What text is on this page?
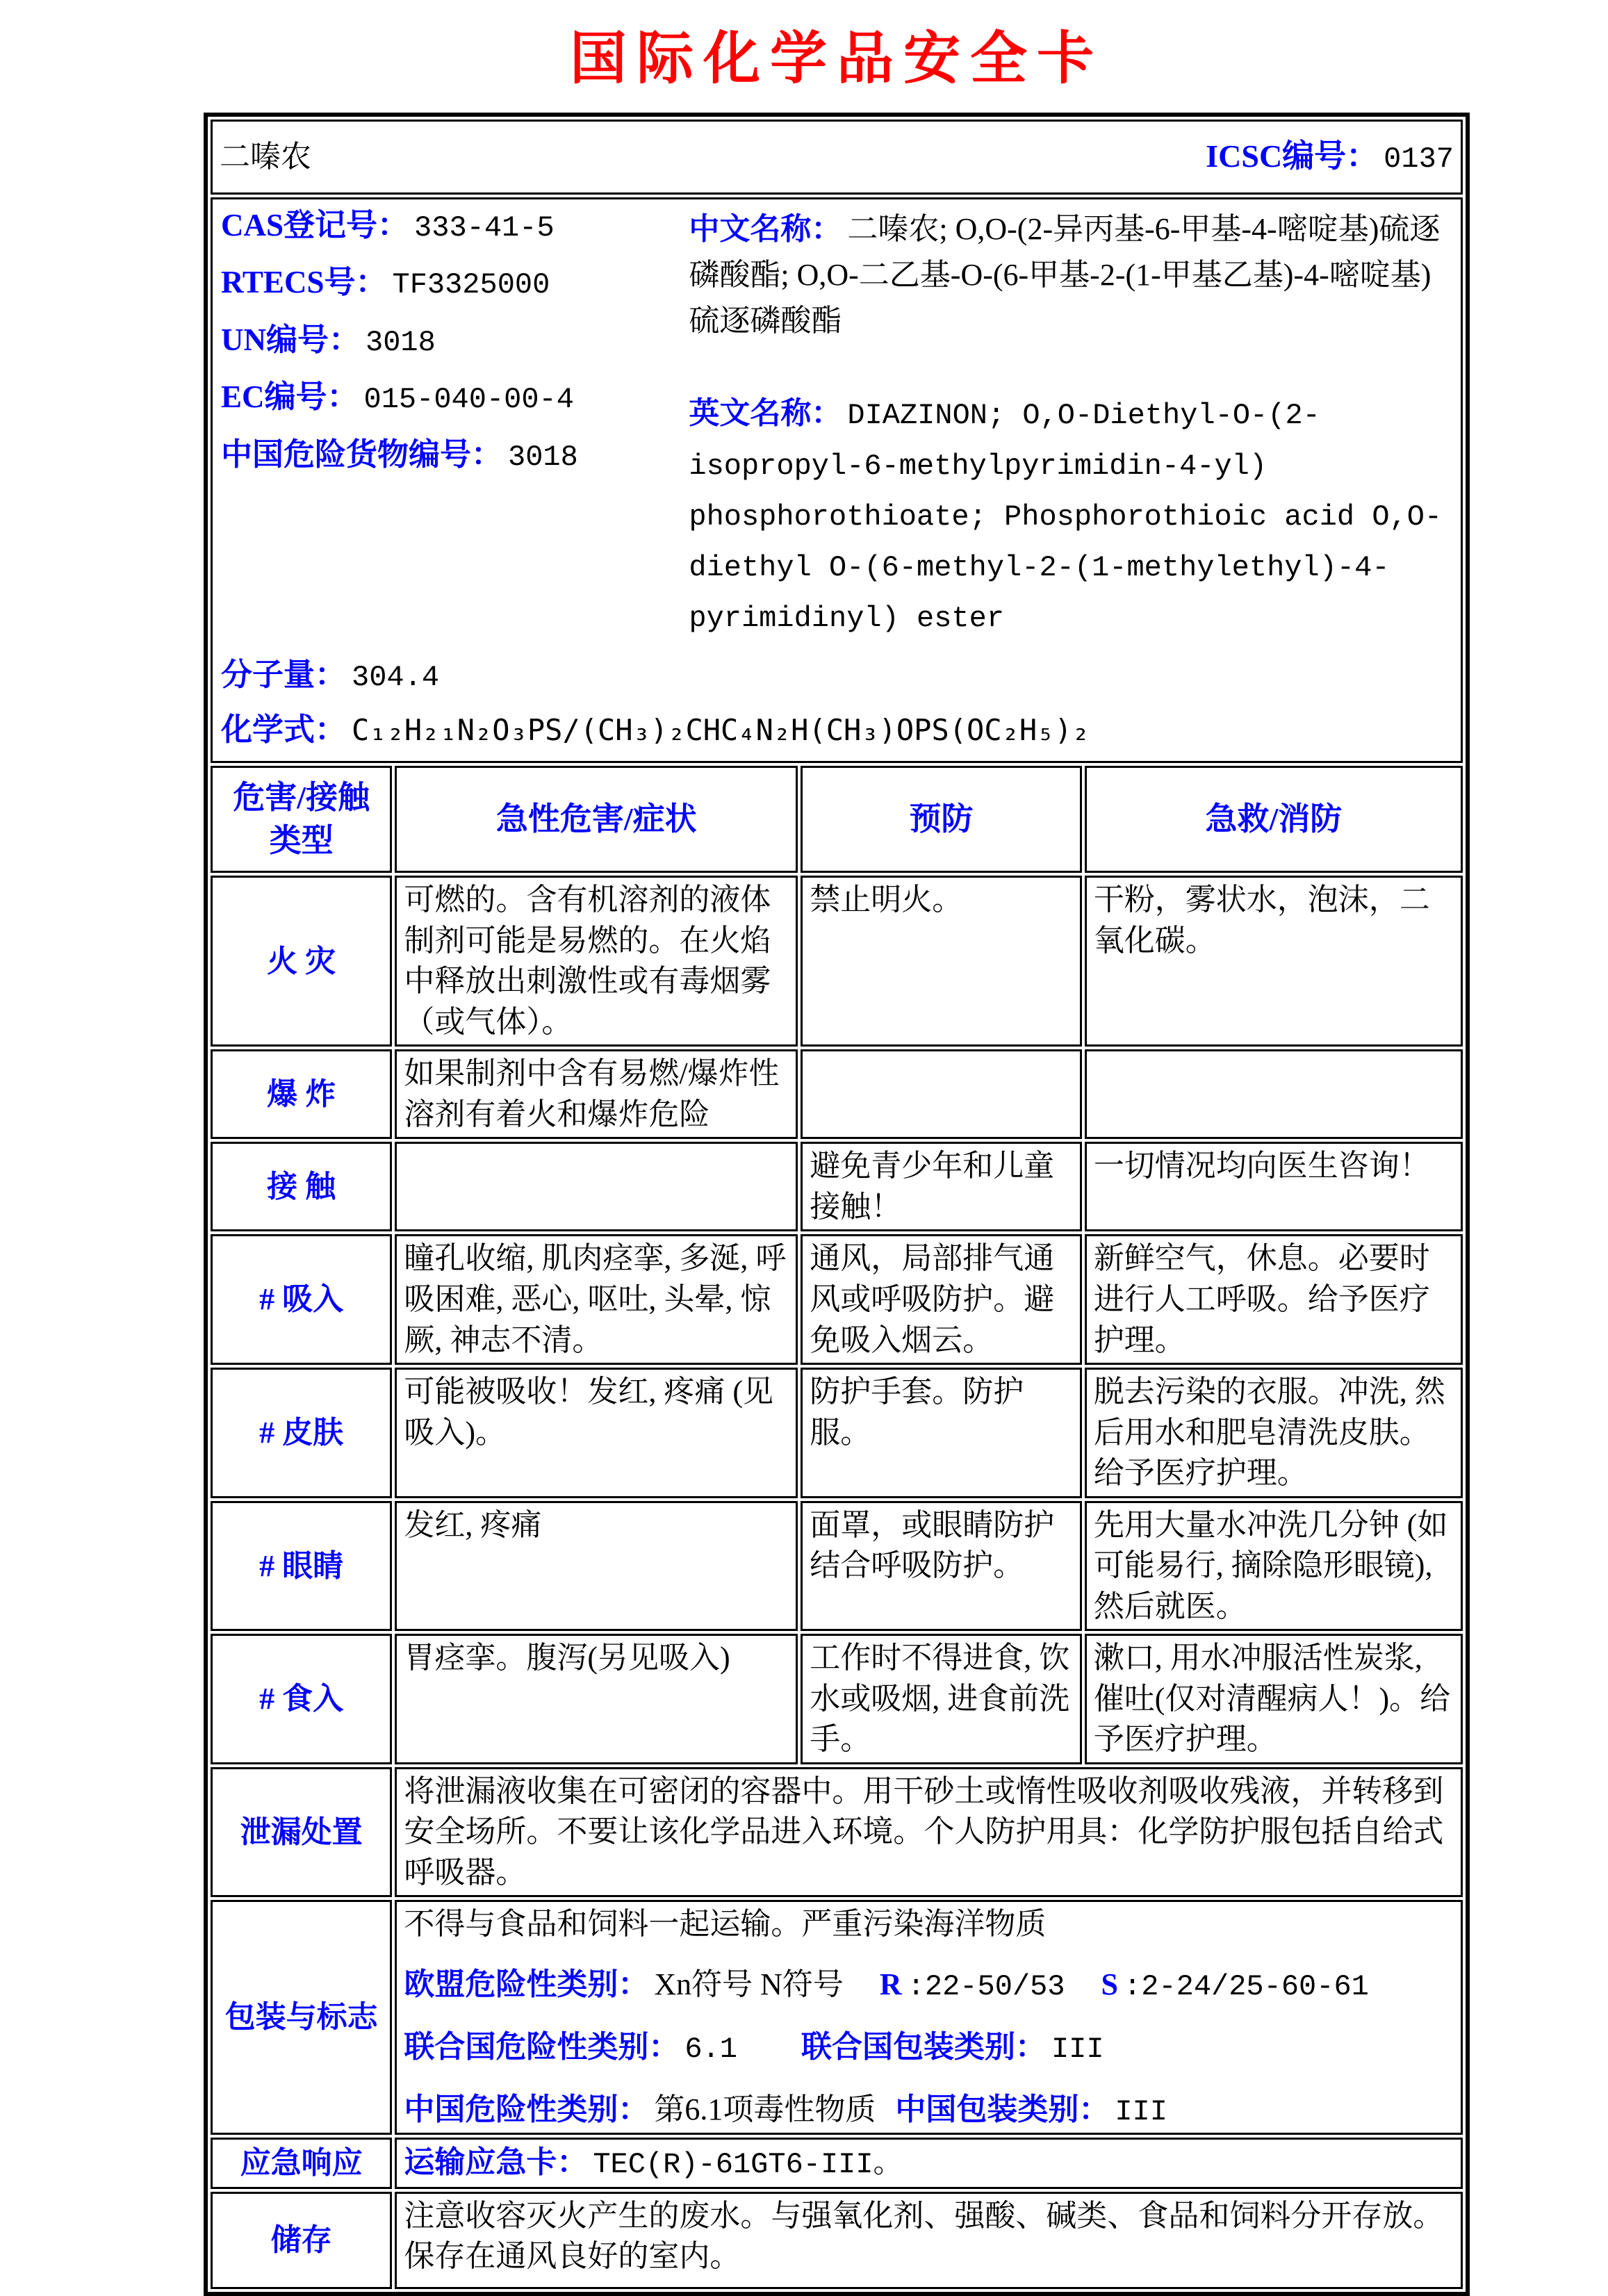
国际化学品安全卡
二嗪农 ICSC编号： 0137			

CAS登记号： 333-41-5
RTECS号： TF3325000
UN编号： 3018
EC编号： 015-040-00-4
中国危险货物编号： 3018
中文名称： 二嗪农; O,O-(2-异丙基-6-甲基-4-嘧啶基)硫逐磷酸酯; O,O-二乙基-O-(6-甲基-2-(1-甲基乙基)-4-嘧啶基)硫逐磷酸酯
英文名称： DIAZINON; O,O-Diethyl-O-(2-isopropyl-6-methylpyrimidin-4-yl) phosphorothioate; Phosphorothioic acid O,O-diethyl O-(6-methyl-2-(1-methylethyl)-4-pyrimidinyl) ester
分子量： 304.4
化学式： C₁₂H₂₁N₂O₃PS/(CH₃)₂CHC₄N₂H(CH₃)OPS(OC₂H₅)₂

危害/接触
类型	急性危害/症状	预防	急救/消防
火 灾	可燃的。含有机溶剂的液体制剂可能是易燃的。在火焰中释放出刺激性或有毒烟雾（或气体）。	禁止明火。	干粉，雾状水，泡沫，二氧化碳。
爆 炸	如果制剂中含有易燃/爆炸性溶剂有着火和爆炸危险		
接 触		避免青少年和儿童接触！	一切情况均向医生咨询！
# 吸入	瞳孔收缩, 肌肉痉挛, 多涎, 呼吸困难, 恶心, 呕吐, 头晕, 惊厥, 神志不清。	通风，局部排气通风或呼吸防护。避免吸入烟云。	新鲜空气，休息。必要时进行人工呼吸。给予医疗护理。
# 皮肤	可能被吸收！发红, 疼痛 (见吸入)。	防护手套。防护服。	脱去污染的衣服。冲洗, 然后用水和肥皂清洗皮肤。给予医疗护理。
# 眼睛	发红, 疼痛	面罩，或眼睛防护结合呼吸防护。	先用大量水冲洗几分钟 (如可能易行, 摘除隐形眼镜), 然后就医。
# 食入	胃痉挛。腹泻(另见吸入)	工作时不得进食, 饮水或吸烟, 进食前洗手。	漱口, 用水冲服活性炭浆, 催吐(仅对清醒病人！)。给予医疗护理。
泄漏处置	将泄漏液收集在可密闭的容器中。用干砂土或惰性吸收剂吸收残液，并转移到安全场所。不要让该化学品进入环境。个人防护用具：化学防护服包括自给式呼吸器。		
包装与标志	不得与食品和饲料一起运输。严重污染海洋物质
欧盟危险性类别： Xn符号 N符号 R :22-50/53 S :2-24/25-60-61
联合国危险性类别： 6.1 联合国包装类别： III
中国危险性类别： 第6.1项毒性物质 中国包装类别： III		

应急响应	运输应急卡： TEC(R)-61GT6-III。		
储存	注意收容灭火产生的废水。与强氧化剂、强酸、碱类、食品和饲料分开存放。保存在通风良好的室内。		
